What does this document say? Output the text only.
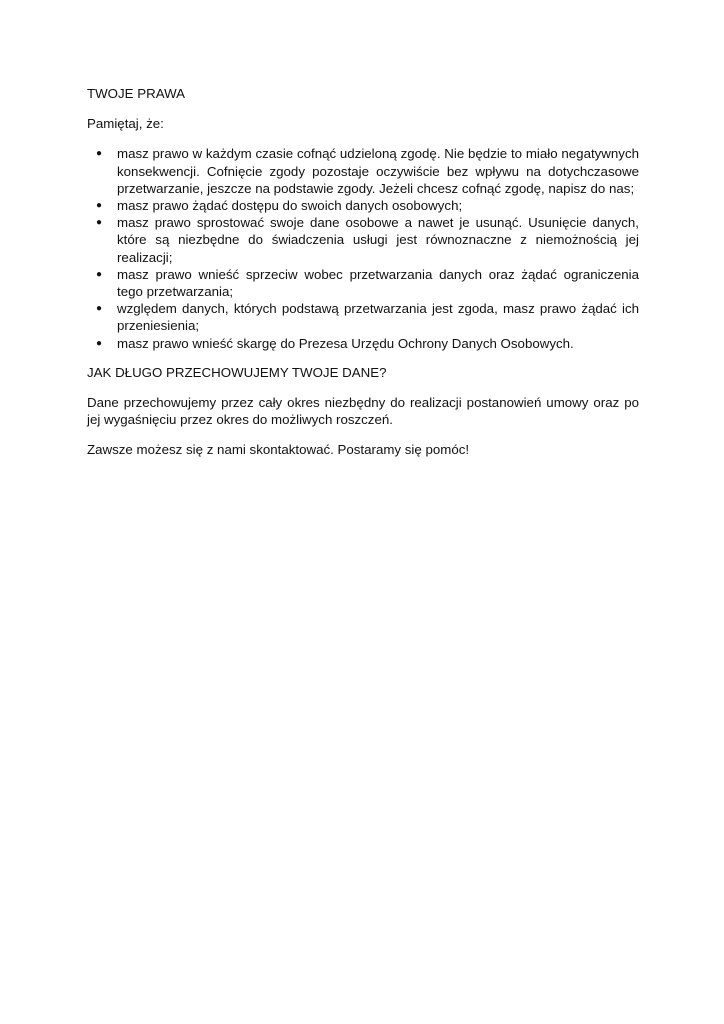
TWOJE PRAWA
Pamiętaj, że:
● masz prawo w każdym czasie cofnąć udzieloną zgodę. Nie będzie to miało negatywnych konsekwencji. Cofnięcie zgody pozostaje oczywiście bez wpływu na dotychczasowe przetwarzanie, jeszcze na podstawie zgody. Jeżeli chcesz cofnąć zgodę, napisz do nas;
● masz prawo żądać dostępu do swoich danych osobowych;
● masz prawo sprostować swoje dane osobowe a nawet je usunąć. Usunięcie danych, które są niezbędne do świadczenia usługi jest równoznaczne z niemożnością jej realizacji;
● masz prawo wnieść sprzeciw wobec przetwarzania danych oraz żądać ograniczenia tego przetwarzania;
● względem danych, których podstawą przetwarzania jest zgoda, masz prawo żądać ich przeniesienia;
● masz prawo wnieść skargę do Prezesa Urzędu Ochrony Danych Osobowych.
JAK DŁUGO PRZECHOWUJEMY TWOJE DANE?
Dane przechowujemy przez cały okres niezbędny do realizacji postanowień umowy oraz po jej wygaśnięciu przez okres do możliwych roszczeń.
Zawsze możesz się z nami skontaktować. Postaramy się pomóc!
